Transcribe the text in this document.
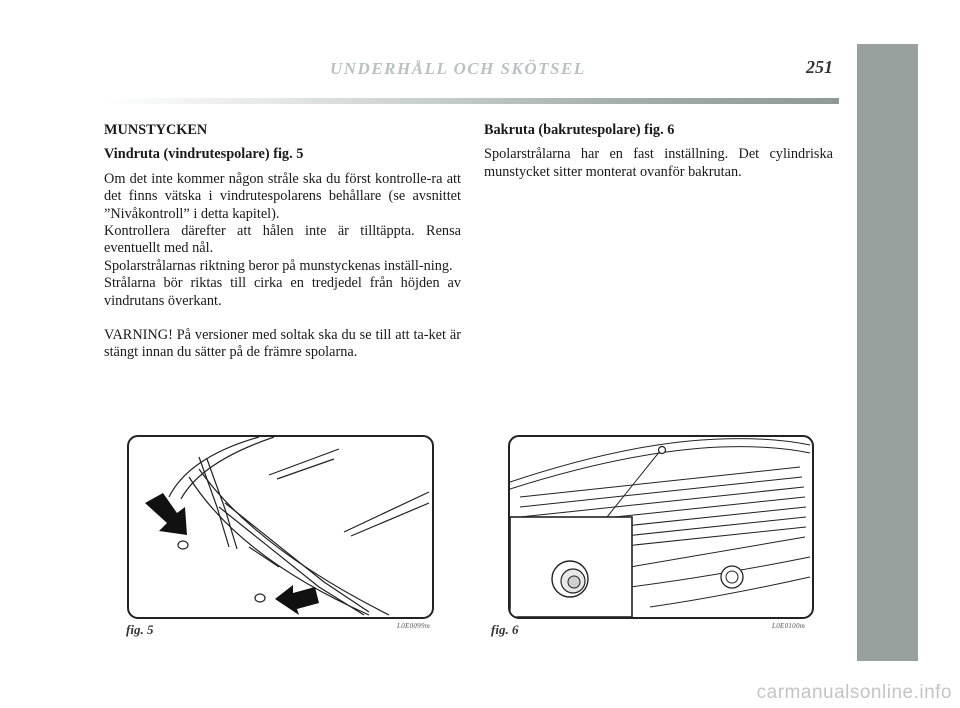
UNDERHÅLL OCH SKÖTSEL	251

MUNSTYCKEN

Vindruta (vindrutespolare) fig. 5

Om det inte kommer någon stråle ska du först kontrolle-ra att det finns vätska i vindrutespolarens behållare (se avsnittet ”Nivåkontroll” i detta kapitel).

Kontrollera därefter att hålen inte är tilltäppta. Rensa eventuellt med nål.

Spolarstrålarnas riktning beror på munstyckenas inställ-ning.

Strålarna bör riktas till cirka en tredjedel från höjden av vindrutans överkant.

VARNING! På versioner med soltak ska du se till att ta-ket är stängt innan du sätter på de främre spolarna.

Bakruta (bakrutespolare) fig. 6

Spolarstrålarna har en fast inställning. Det cylindriska munstycket sitter monterat ovanför bakrutan.

fig. 5	L0E0099m	fig. 6	L0E0100m
carmanualsonline.info
